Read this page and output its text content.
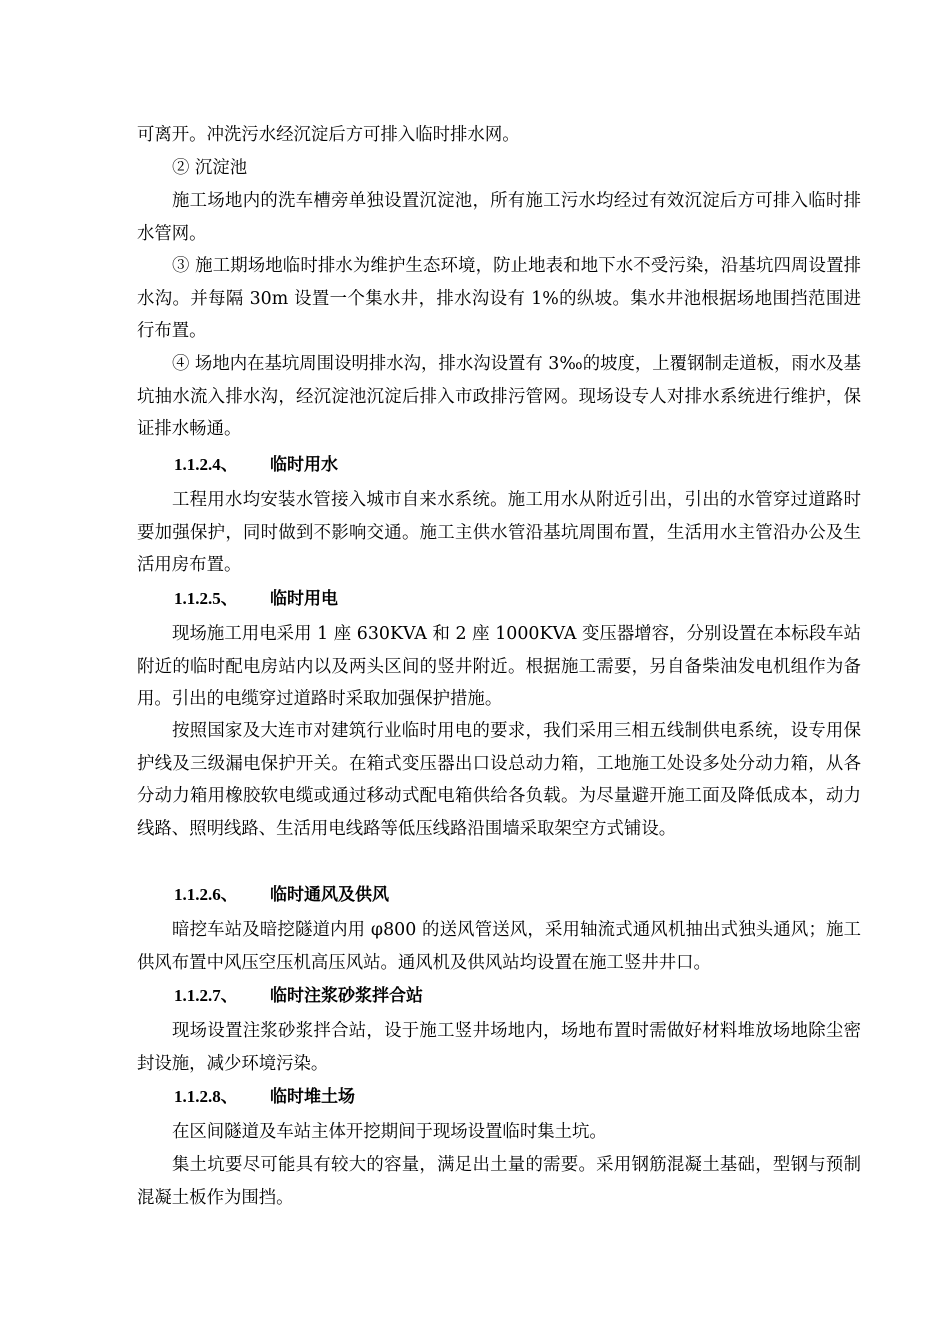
可离开。冲洗污水经沉淀后方可排入临时排水网。

② 沉淀池

施工场地内的洗车槽旁单独设置沉淀池，所有施工污水均经过有效沉淀后方可排入临时排水管网。

③ 施工期场地临时排水为维护生态环境，防止地表和地下水不受污染，沿基坑四周设置排水沟。并每隔 30m 设置一个集水井，排水沟设有 1%的纵坡。集水井池根据场地围挡范围进行布置。

④ 场地内在基坑周围设明排水沟，排水沟设置有 3‰的坡度，上覆钢制走道板，雨水及基坑抽水流入排水沟，经沉淀池沉淀后排入市政排污管网。现场设专人对排水系统进行维护，保证排水畅通。

1.1.2.4、 临时用水

工程用水均安装水管接入城市自来水系统。施工用水从附近引出，引出的水管穿过道路时要加强保护，同时做到不影响交通。施工主供水管沿基坑周围布置，生活用水主管沿办公及生活用房布置。

1.1.2.5、 临时用电

现场施工用电采用 1 座 630KVA 和 2 座 1000KVA 变压器增容，分别设置在本标段车站附近的临时配电房站内以及两头区间的竖井附近。根据施工需要，另自备柴油发电机组作为备用。引出的电缆穿过道路时采取加强保护措施。

按照国家及大连市对建筑行业临时用电的要求，我们采用三相五线制供电系统，设专用保护线及三级漏电保护开关。在箱式变压器出口设总动力箱，工地施工处设多处分动力箱，从各分动力箱用橡胶软电缆或通过移动式配电箱供给各负载。为尽量避开施工面及降低成本，动力线路、照明线路、生活用电线路等低压线路沿围墙采取架空方式铺设。

1.1.2.6、 临时通风及供风

暗挖车站及暗挖隧道内用 φ800 的送风管送风，采用轴流式通风机抽出式独头通风；施工供风布置中风压空压机高压风站。通风机及供风站均设置在施工竖井井口。

1.1.2.7、 临时注浆砂浆拌合站

现场设置注浆砂浆拌合站，设于施工竖井场地内，场地布置时需做好材料堆放场地除尘密封设施，减少环境污染。

1.1.2.8、 临时堆土场

在区间隧道及车站主体开挖期间于现场设置临时集土坑。

集土坑要尽可能具有较大的容量，满足出土量的需要。采用钢筋混凝土基础，型钢与预制混凝土板作为围挡。
